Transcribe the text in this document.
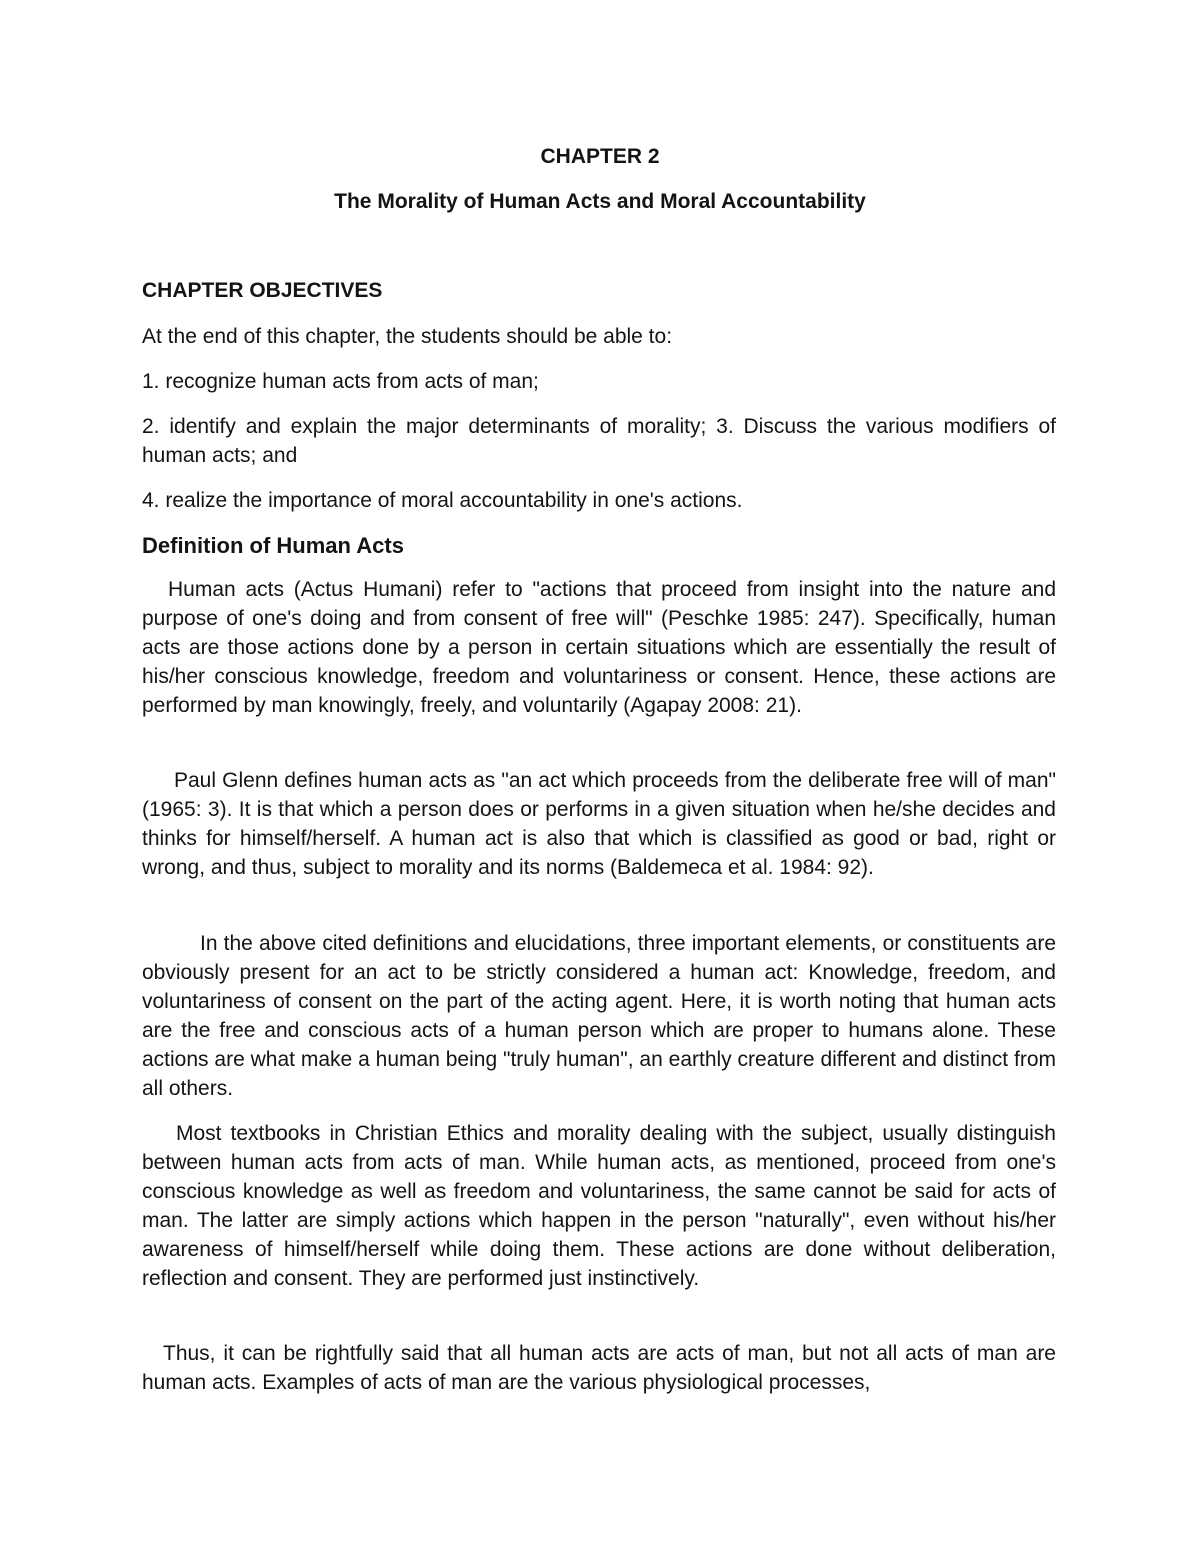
CHAPTER 2
The Morality of Human Acts and Moral Accountability
CHAPTER OBJECTIVES
At the end of this chapter, the students should be able to:
1. recognize human acts from acts of man;

2. identify and explain the major determinants of morality; 3. Discuss the various modifiers of human acts; and

4. realize the importance of moral accountability in one's actions.
Definition of Human Acts

Human acts (Actus Humani) refer to "actions that proceed from insight into the nature and purpose of one's doing and from consent of free will" (Peschke 1985: 247). Specifically, human acts are those actions done by a person in certain situations which are essentially the result of his/her conscious knowledge, freedom and voluntariness or consent. Hence, these actions are performed by man knowingly, freely, and voluntarily (Agapay 2008: 21).

Paul Glenn defines human acts as "an act which proceeds from the deliberate free will of man" (1965: 3). It is that which a person does or performs in a given situation when he/she decides and thinks for himself/herself. A human act is also that which is classified as good or bad, right or wrong, and thus, subject to morality and its norms (Baldemeca et al. 1984: 92).

In the above cited definitions and elucidations, three important elements, or constituents are obviously present for an act to be strictly considered a human act: Knowledge, freedom, and voluntariness of consent on the part of the acting agent. Here, it is worth noting that human acts are the free and conscious acts of a human person which are proper to humans alone. These actions are what make a human being "truly human", an earthly creature different and distinct from all others.

Most textbooks in Christian Ethics and morality dealing with the subject, usually distinguish between human acts from acts of man. While human acts, as mentioned, proceed from one's conscious knowledge as well as freedom and voluntariness, the same cannot be said for acts of man. The latter are simply actions which happen in the person "naturally", even without his/her awareness of himself/herself while doing them. These actions are done without deliberation, reflection and consent. They are performed just instinctively.

Thus, it can be rightfully said that all human acts are acts of man, but not all acts of man are human acts. Examples of acts of man are the various physiological processes,
